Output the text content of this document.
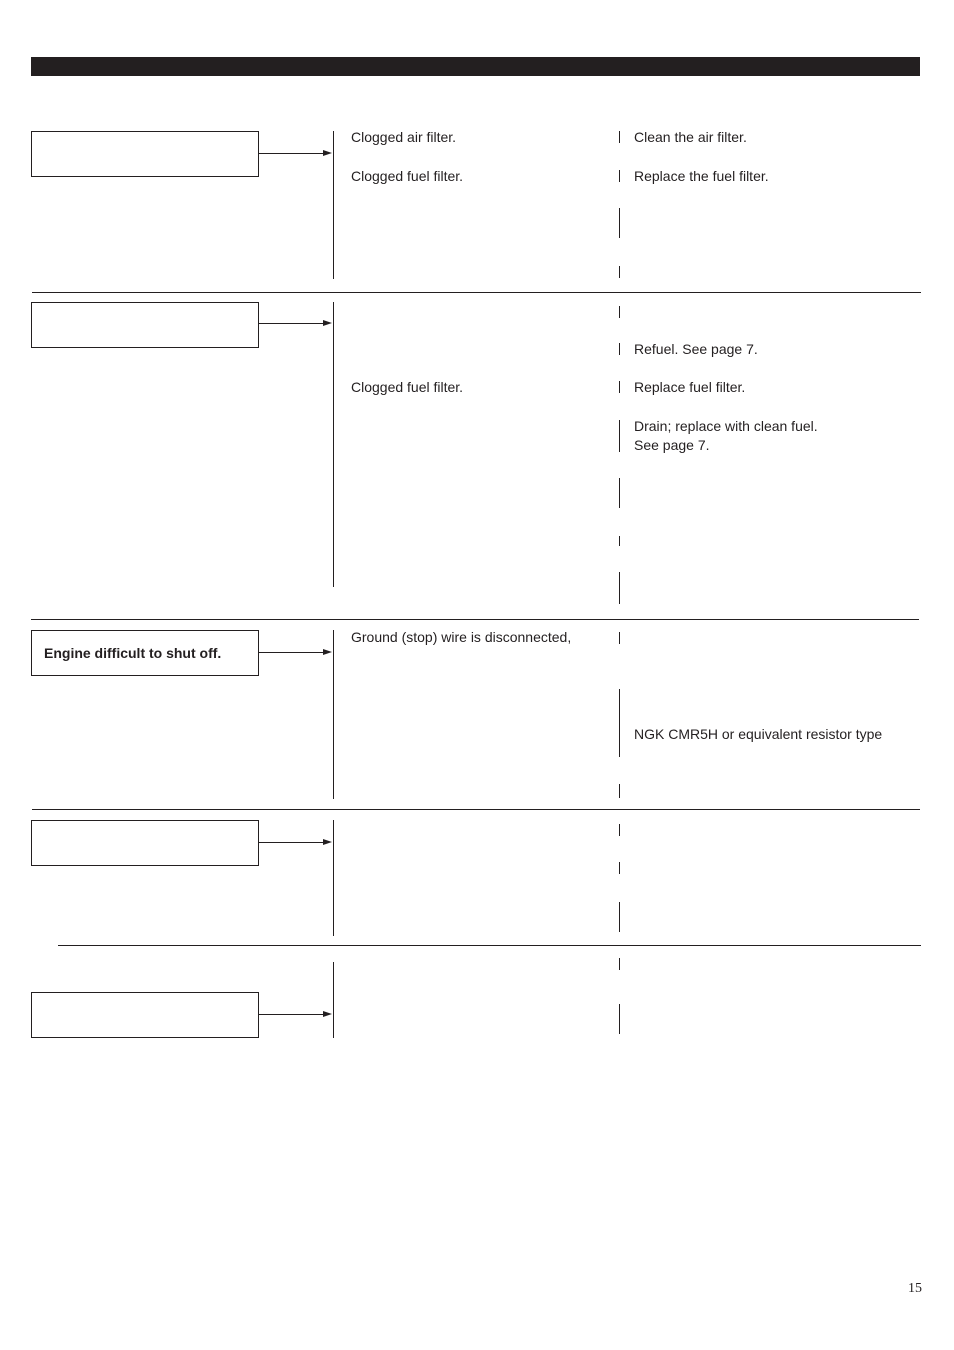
Clogged air filter.
Clogged fuel filter.
Clean the air filter.
Replace the fuel filter.
Clogged fuel filter.
Refuel. See page 7.
Replace fuel filter.
Drain; replace with clean fuel.
See page 7.
Engine difficult to shut off.
Ground (stop) wire is disconnected,
NGK CMR5H or equivalent resistor type
15
